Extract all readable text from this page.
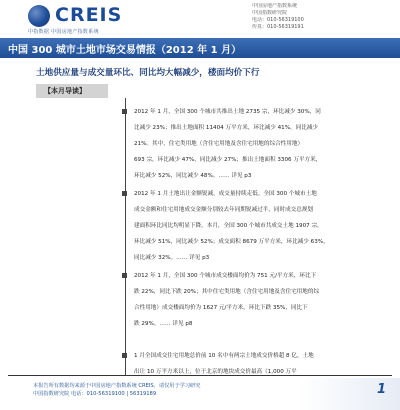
CREIS
中指数据 中国房地产指数系统
中国房地产指数系统
中国指数研究院
电话：010-56319100
传真：010-56319191
中国 300 城市土地市场交易情报（2012 年 1 月）
土地供应量与成交量环比、同比均大幅减少，楼面均价下行
【本月导读】
2012 年 1 月，全国 300 个城市共推出土地 2735 宗，环比减少 30%，同
比减少 23%；推出土地面积 11404 万平方米，环比减少 41%，同比减少
21%。其中，住宅类用地（含住宅用地及含住宅用地的综合性用地）
693 宗，环比减少 47%，同比减少 27%；推出土地面积 3306 万平方米，
环比减少 52%，同比减少 48%。…… 详见 p3
2012 年 1 月土地出让金额锐减，成交量持续走低。全国 300 个城市土地
成交金额和住宅用地成交金额分别较去年同期锐减过半，同时成交总规划
建面积环比同比均明显下降。本月，全国 300 个城市共成交土地 1907 宗，
环比减少 51%，同比减少 52%；成交面积 8679 万平方米，环比减少 63%，
同比减少 32%。…… 详见 p3
2012 年 1 月，全国 300 个城市成交楼面均价为 751 元/平方米，环比下
跌 22%，同比下跌 20%；其中住宅类用地（含住宅用地及含住宅用地的综
合性用地）成交楼面均价为 1627 元/平方米，环比下跌 35%，同比下
跌 29%。…… 详见 p8
1 月全国成交住宅用地总价前 10 名中有两宗土地成交价格超 8 亿，土地
出让 10 万平方米以上，位于北京的地块成交价最高（1,000 万平
本报告所有数据均来源于中国房地产指数系统 CREIS，请仅用于学习研究
中国指数研究院 电话：010-56319100 | 56319189	1
